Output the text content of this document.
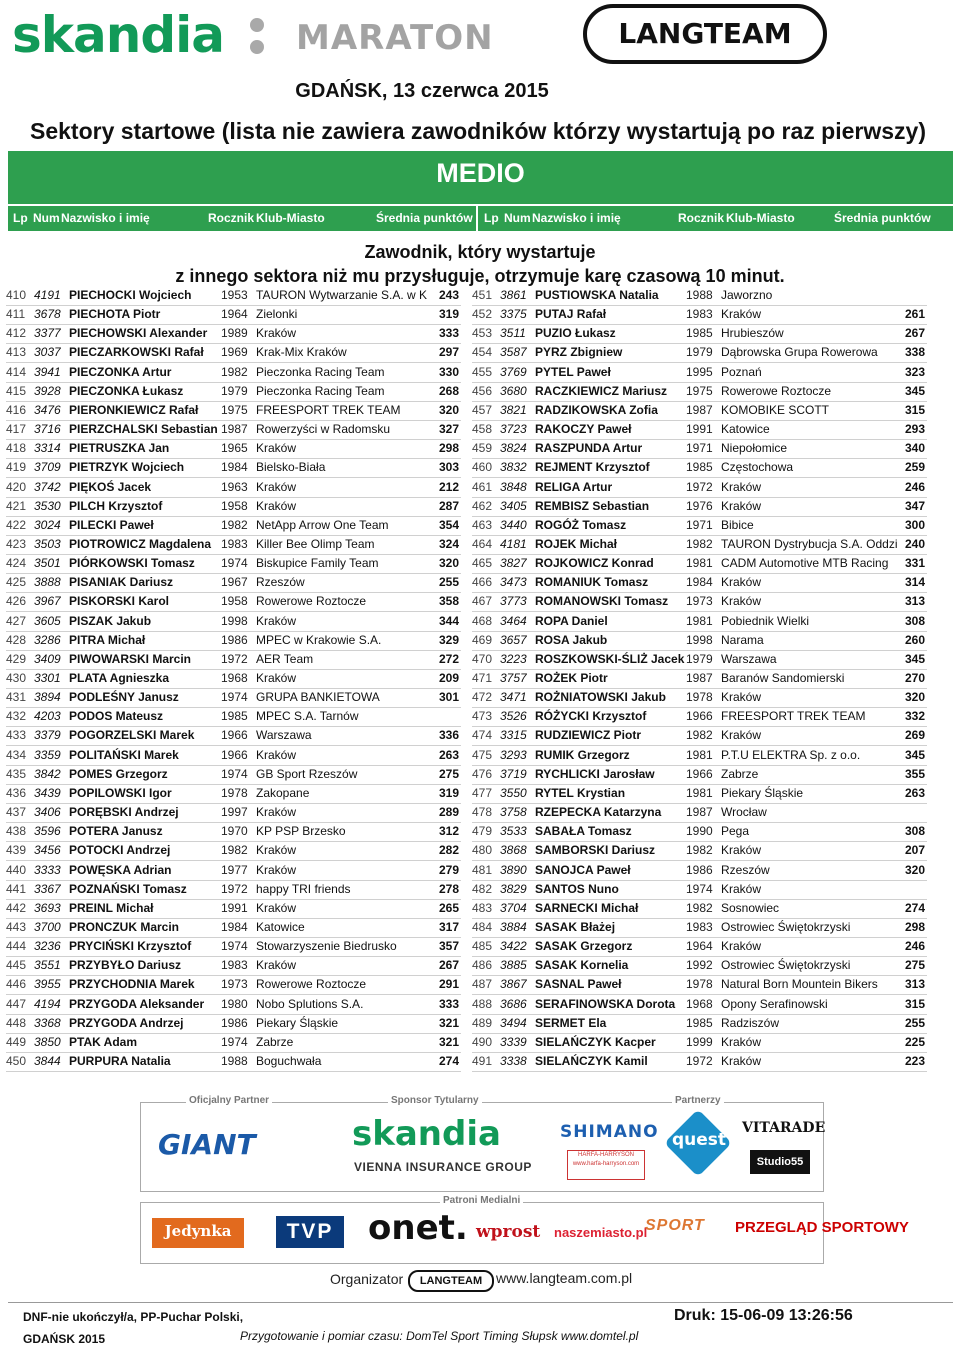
skandia MARATON	LANGTEAM
GDAŃSK, 13 czerwca 2015
Sektory startowe (lista nie zawiera zawodników którzy wystartują po raz pierwszy)
MEDIO
Lp Num Nazwisko i imię	Rocznik Klub-Miasto	Średnia punktów Lp Num Nazwisko i imię	Rocznik Klub-Miasto	Średnia punktów
Zawodnik, który wystartuje
z innego sektora niż mu przysługuje, otrzymuje karę czasową 10 minut.
410 4191 PIECHOCKI Wojciech 1953 TAURON Wytwarzanie S.A. w K 243
411 3678 PIECHOTA Piotr	1964 Zielonki	319
412 3377 PIECHOWSKI Alexander 1989 Kraków	333
413 3037 PIECZARKOWSKI Rafał 1969 Krak-Mix Kraków	297
414 3941 PIECZONKA Artur	1982 Pieczonka Racing Team	330
415 3928 PIECZONKA Łukasz	1979 Pieczonka Racing Team	268
416 3476 PIERONKIEWICZ Rafał 1975 FREESPORT TREK TEAM	320
417 3716 PIERZCHALSKI Sebastian 1987 Rowerzyści w Radomsku	327
418 3314 PIETRUSZKA Jan	1965 Kraków	298
419 3709 PIETRZYK Wojciech	1984 Bielsko-Biała	303
420 3742 PIĘKOŚ Jacek	1963 Kraków	212
421 3530 PILCH Krzysztof	1958 Kraków	287
422 3024 PILECKI Paweł	1982 NetApp Arrow One Team	354
423 3503 PIOTROWICZ Magdalena 1983 Killer Bee Olimp Team	324
424 3501 PIÓRKOWSKI Tomasz 1974 Biskupice Family Team	320
425 3888 PISANIAK Dariusz	1967 Rzeszów	255
426 3967 PISKORSKI Karol	1958 Rowerowe Roztocze	358
427 3605 PISZAK Jakub	1998 Kraków	344
428 3286 PITRA Michał	1986 MPEC w Krakowie S.A.	329
429 3409 PIWOWARSKI Marcin 1972 AER Team	272
430 3301 PLATA Agnieszka	1968 Kraków	209
431 3894 PODLEŚNY Janusz	1974 GRUPA BANKIETOWA	301
432 4203 PODOS Mateusz	1985 MPEC S.A. Tarnów
433 3379 POGORZELSKI Marek 1966 Warszawa	336
434 3359 POLITAŃSKI Marek	1966 Kraków	263
435 3842 POMES Grzegorz	1974 GB Sport Rzeszów	275
436 3439 POPILOWSKI Igor	1978 Zakopane	319
437 3406 PORĘBSKI Andrzej	1997 Kraków	289
438 3596 POTERA Janusz	1970 KP PSP Brzesko	312
439 3456 POTOCKI Andrzej	1982 Kraków	282
440 3333 POWĘSKA Adrian	1977 Kraków	279
441 3367 POZNAŃSKI Tomasz	1972 happy TRI friends	278
442 3693 PREINL Michał	1991 Kraków	265
443 3700 PRONCZUK Marcin	1984 Katowice	317
444 3236 PRYCIŃSKI Krzysztof 1974 Stowarzyszenie Biedrusko	357
445 3551 PRZYBYŁO Dariusz	1983 Kraków	267
446 3955 PRZYCHODNIA Marek 1973 Rowerowe Roztocze	291
447 4194 PRZYGODA Aleksander 1980 Nobo Splutions S.A.	333
448 3368 PRZYGODA Andrzej	1986 Piekary Śląskie	321
449 3850 PTAK Adam	1974 Zabrze	321
450 3844 PURPURA Natalia	1988 Boguchwała	274
451 3861 PUSTIOWSKA Natalia 1988 Jaworzno
452 3375 PUTAJ Rafał	1983 Kraków	261
453 3511 PUZIO Łukasz	1985 Hrubieszów	267
454 3587 PYRZ Zbigniew	1979 Dąbrowska Grupa Rowerowa 338
455 3769 PYTEL Paweł	1995 Poznań	323
456 3680 RACZKIEWICZ Mariusz 1975 Rowerowe Roztocze	345
457 3821 RADZIKOWSKA Zofia 1987 KOMOBIKE SCOTT	315
458 3723 RAKOCZY Paweł	1991 Katowice	293
459 3824 RASZPUNDA Artur	1971 Niepołomice	340
460 3832 REJMENT Krzysztof	1985 Częstochowa	259
461 3848 RELIGA Artur	1972 Kraków	246
462 3405 REMBISZ Sebastian	1976 Kraków	347
463 3440 ROGÓŻ Tomasz	1971 Bibice	300
464 4181 ROJEK Michał	1982 TAURON Dystrybucja S.A. Oddzi 240
465 3827 ROJKOWICZ Konrad	1981 CADM Automotive MTB Racing 331
466 3473 ROMANIUK Tomasz	1984 Kraków	314
467 3773 ROMANOWSKI Tomasz 1973 Kraków	313
468 3464 ROPA Daniel	1981 Pobiednik Wielki	308
469 3657 ROSA Jakub	1998 Narama	260
470 3223 ROSZKOWSKI-ŚLIŻ Jacek 1979 Warszawa	345
471 3757 ROŻEK Piotr	1987 Baranów Sandomierski	270
472 3471 ROŻNIATOWSKI Jakub 1978 Kraków	320
473 3526 RÓŻYCKI Krzysztof	1966 FREESPORT TREK TEAM	332
474 3315 RUDZIEWICZ Piotr	1982 Kraków	269
475 3293 RUMIK Grzegorz	1981 P.T.U ELEKTRA Sp. z o.o.	345
476 3719 RYCHLICKI Jarosław	1966 Zabrze	355
477 3550 RYTEL Krystian	1981 Piekary Śląskie	263
478 3758 RZEPECKA Katarzyna 1987 Wrocław
479 3533 SABAŁA Tomasz	1990 Pega	308
480 3868 SAMBORSKI Dariusz	1982 Kraków	207
481 3890 SANOJCA Paweł	1986 Rzeszów	320
482 3829 SANTOS Nuno	1974 Kraków
483 3704 SARNECKI Michał	1982 Sosnowiec	274
484 3884 SASAK Błażej	1983 Ostrowiec Świętokrzyski	298
485 3422 SASAK Grzegorz	1964 Kraków	246
486 3885 SASAK Kornelia	1992 Ostrowiec Świętokrzyski	275
487 3867 SASNAL Paweł	1978 Natural Born Mountein Bikers 313
488 3686 SERAFINOWSKA Dorota 1968 Opony Serafinowski	315
489 3494 SERMET Ela	1985 Radziszów	255
490 3339 SIELAŃCZYK Kacper	1999 Kraków	225
491 3338 SIELAŃCZYK Kamil	1972 Kraków	223
Oficjalny Partner	Sponsor Tytularny	Partnerzy
GIANT	skandia
VIENNA INSURANCE GROUP
SHIMANO
HARFA-HARRYSON www.harfa-harryson.com
quest
VITARADE
Studio55
Patroni Medialni
Jedynka	TVP	onet. wprost naszemiasto.pl
SPORT PRZEGLĄD SPORTOWY
Organizator	LANGTEAM www.langteam.com.pl
DNF-nie ukończył/a, PP-Puchar Polski,
GDAŃSK 2015
Druk: 15-06-09 13:26:56
Przygotowanie i pomiar czasu: DomTel Sport Timing Słupsk www.domtel.pl
